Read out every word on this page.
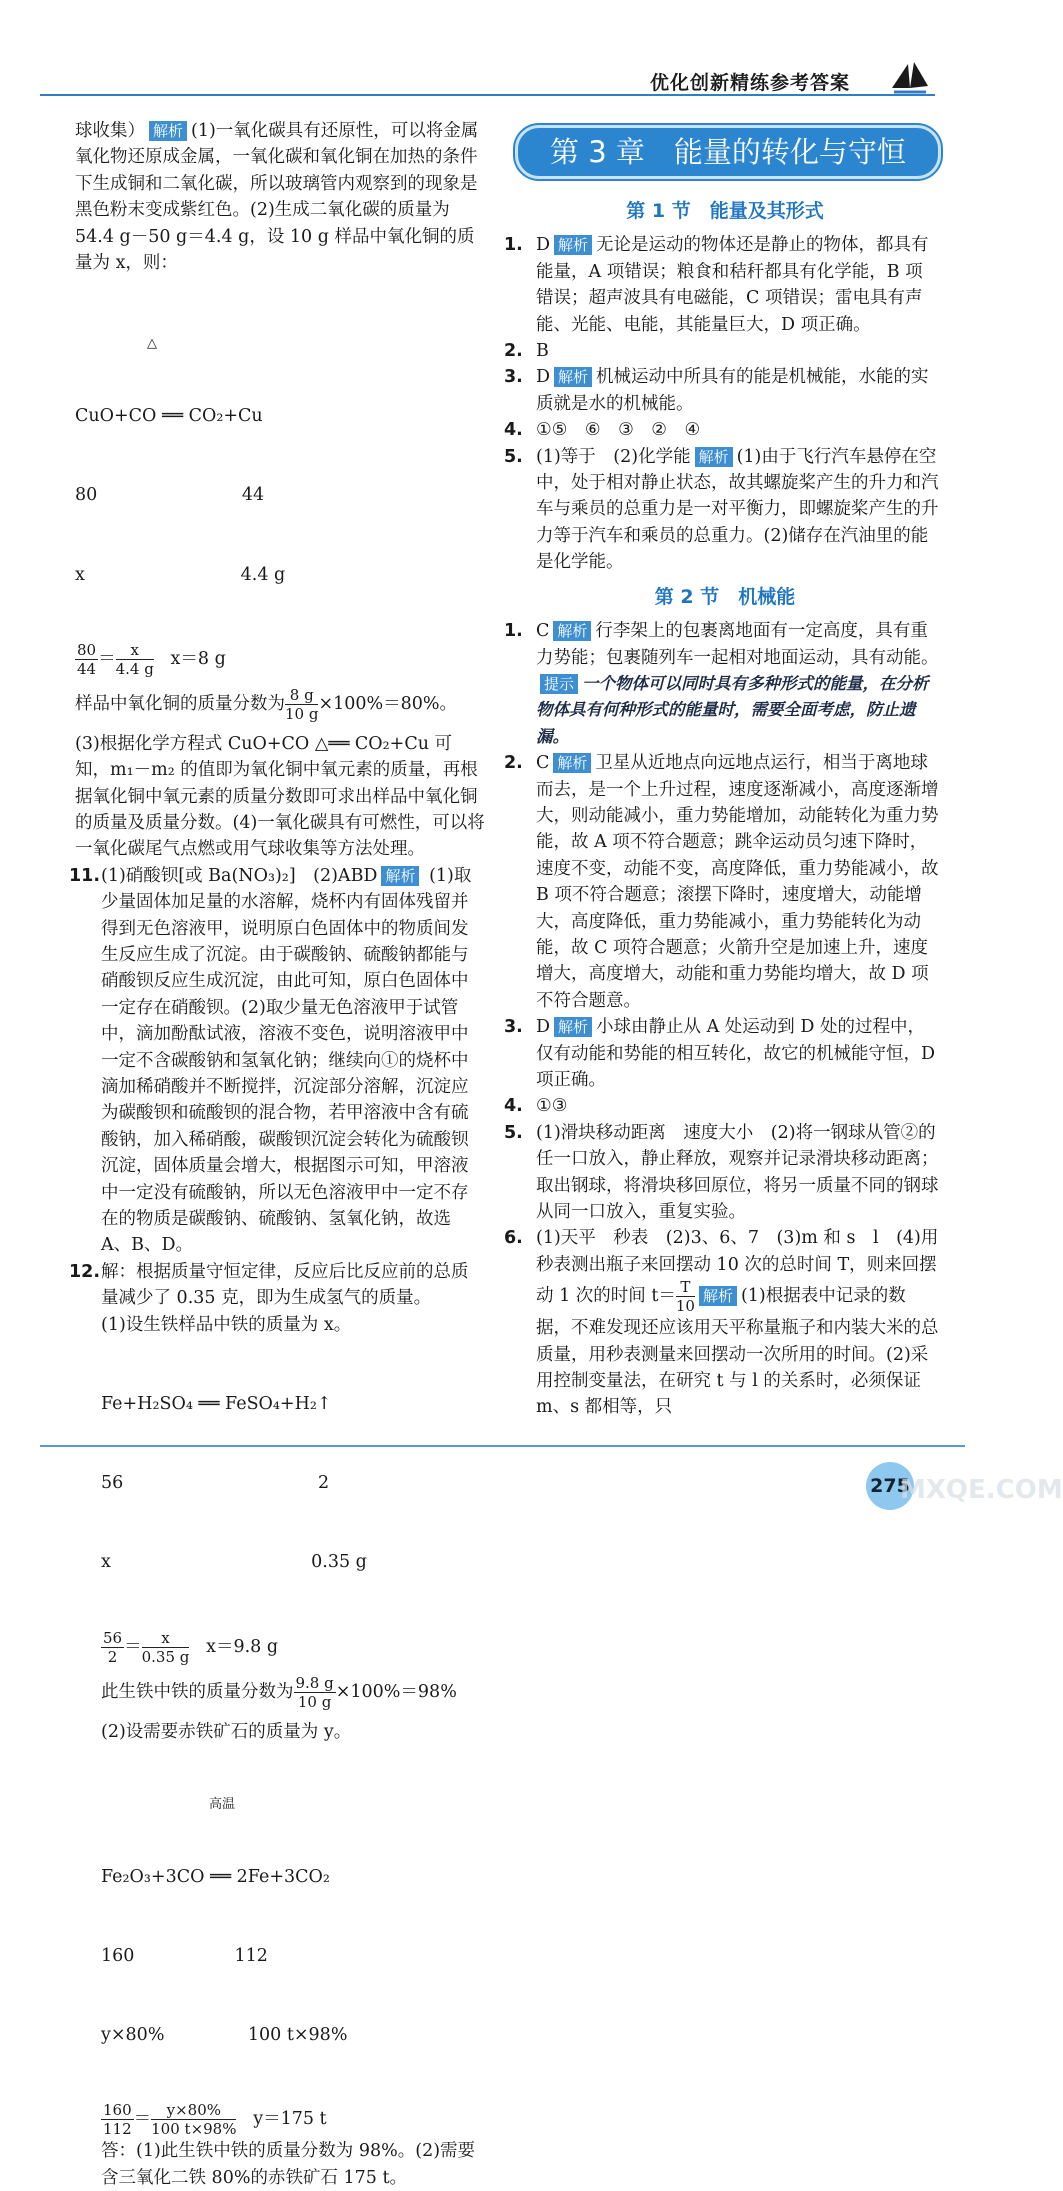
优化创新精练参考答案

球收集） 解析 (1)一氧化碳具有还原性，可以将金属氧化物还原成金属，一氧化碳和氧化铜在加热的条件下生成铜和二氧化碳，所以玻璃管内观察到的现象是黑色粉末变成紫红色。(2)生成二氧化碳的质量为 54.4 g－50 g＝4.4 g，设 10 g 样品中氧化铜的质量为 x，则：

△

CuO+CO ══ CO₂+Cu

80                          44

x                            4.4 g

$\frac{80}{44} = \frac{x}{4.4 g} x=8$ g

样品中氧化铜的质量分数为 $\frac{8 g}{10 g} \times 100\%=80\%$。

(3)根据化学方程式 CuO+CO △══ CO₂+Cu 可知，m₁－m₂ 的值即为氧化铜中氧元素的质量，再根据氧化铜中氧元素的质量分数即可求出样品中氧化铜的质量及质量分数。(4)一氧化碳具有可燃性，可以将一氧化碳尾气点燃或用气球收集等方法处理。

11. (1)硝酸钡[或 Ba(NO₃)₂]　(2)ABD 解析 (1)取少量固体加足量的水溶解，烧杯内有固体残留并得到无色溶液甲，说明原白色固体中的物质间发生反应生成了沉淀。由于碳酸钠、硫酸钠都能与硝酸钡反应生成沉淀，由此可知，原白色固体中一定存在硝酸钡。(2)取少量无色溶液甲于试管中，滴加酚酞试液，溶液不变色，说明溶液甲中一定不含碳酸钠和氢氧化钠；继续向①的烧杯中滴加稀硝酸并不断搅拌，沉淀部分溶解，沉淀应为碳酸钡和硫酸钡的混合物，若甲溶液中含有硫酸钠，加入稀硝酸，碳酸钡沉淀会转化为硫酸钡沉淀，固体质量会增大，根据图示可知，甲溶液中一定没有硫酸钠，所以无色溶液甲中一定不存在的物质是碳酸钠、硫酸钠、氢氧化钠，故选 A、B、D。
12. 解：根据质量守恒定律，反应后比反应前的总质量减少了 0.35 克，即为生成氢气的质量。
(1)设生铁样品中铁的质量为 x。

Fe+H₂SO₄ ══ FeSO₄+H₂↑

56                                   2

x                                    0.35 g

$\frac{56}{2} = \frac{x}{0.35 g} x=9.8$ g
此生铁中铁的质量分数为 $\frac{9.8 g}{10 g} \times 100\%=98\%$
(2)设需要赤铁矿石的质量为 y。

高温

Fe₂O₃+3CO ══ 2Fe+3CO₂

160                  112

y×80%               100 t×98%

$\frac{160}{112} = \frac{y\times 80\%}{100 t\times 98\%} y=175$ t
答：(1)此生铁中铁的质量分数为 98%。(2)需要含三氧化二铁 80%的赤铁矿石 175 t。
第 3 章　能量的转化与守恒
第 1 节　能量及其形式
1. D 解析 无论是运动的物体还是静止的物体，都具有能量，A 项错误；粮食和秸秆都具有化学能，B 项错误；超声波具有电磁能，C 项错误；雷电具有声能、光能、电能，其能量巨大，D 项正确。
2. B
3. D 解析 机械运动中所具有的能是机械能，水能的实质就是水的机械能。
4. ①⑤　⑥　③　②　④
5. (1)等于　(2)化学能 解析 (1)由于飞行汽车悬停在空中，处于相对静止状态，故其螺旋桨产生的升力和汽车与乘员的总重力是一对平衡力，即螺旋桨产生的升力等于汽车和乘员的总重力。(2)储存在汽油里的能是化学能。
第 2 节　机械能
1. C 解析 行李架上的包裹离地面有一定高度，具有重力势能；包裹随列车一起相对地面运动，具有动能。提示 一个物体可以同时具有多种形式的能量，在分析物体具有何种形式的能量时，需要全面考虑，防止遗漏。
2. C 解析 卫星从近地点向远地点运行，相当于离地球而去，是一个上升过程，速度逐渐减小，高度逐渐增大，则动能减小，重力势能增加，动能转化为重力势能，故 A 项不符合题意；跳伞运动员匀速下降时，速度不变，动能不变，高度降低，重力势能减小，故 B 项不符合题意；滚摆下降时，速度增大，动能增大，高度降低，重力势能减小，重力势能转化为动能，故 C 项符合题意；火箭升空是加速上升，速度增大，高度增大，动能和重力势能均增大，故 D 项不符合题意。
3. D 解析 小球由静止从 A 处运动到 D 处的过程中，仅有动能和势能的相互转化，故它的机械能守恒，D 项正确。
4. ①③
5. (1)滑块移动距离　速度大小　(2)将一钢球从管②的任一口放入，静止释放，观察并记录滑块移动距离；取出钢球，将滑块移回原位，将另一质量不同的钢球从同一口放入，重复实验。
6. (1)天平　秒表　(2)3、6、7　(3)m 和 s　l　(4)用秒表测出瓶子来回摆动 10 次的总时间 T，则来回摆动 1 次的时间 $t= \frac{T}{10}$ 解析 (1)根据表中记录的数据，不难发现还应该用天平称量瓶子和内装大米的总质量，用秒表测量来回摆动一次所用的时间。(2)采用控制变量法，在研究 t 与 l 的关系时，必须保证 m、s 都相等，只
275
MXQE.COM
